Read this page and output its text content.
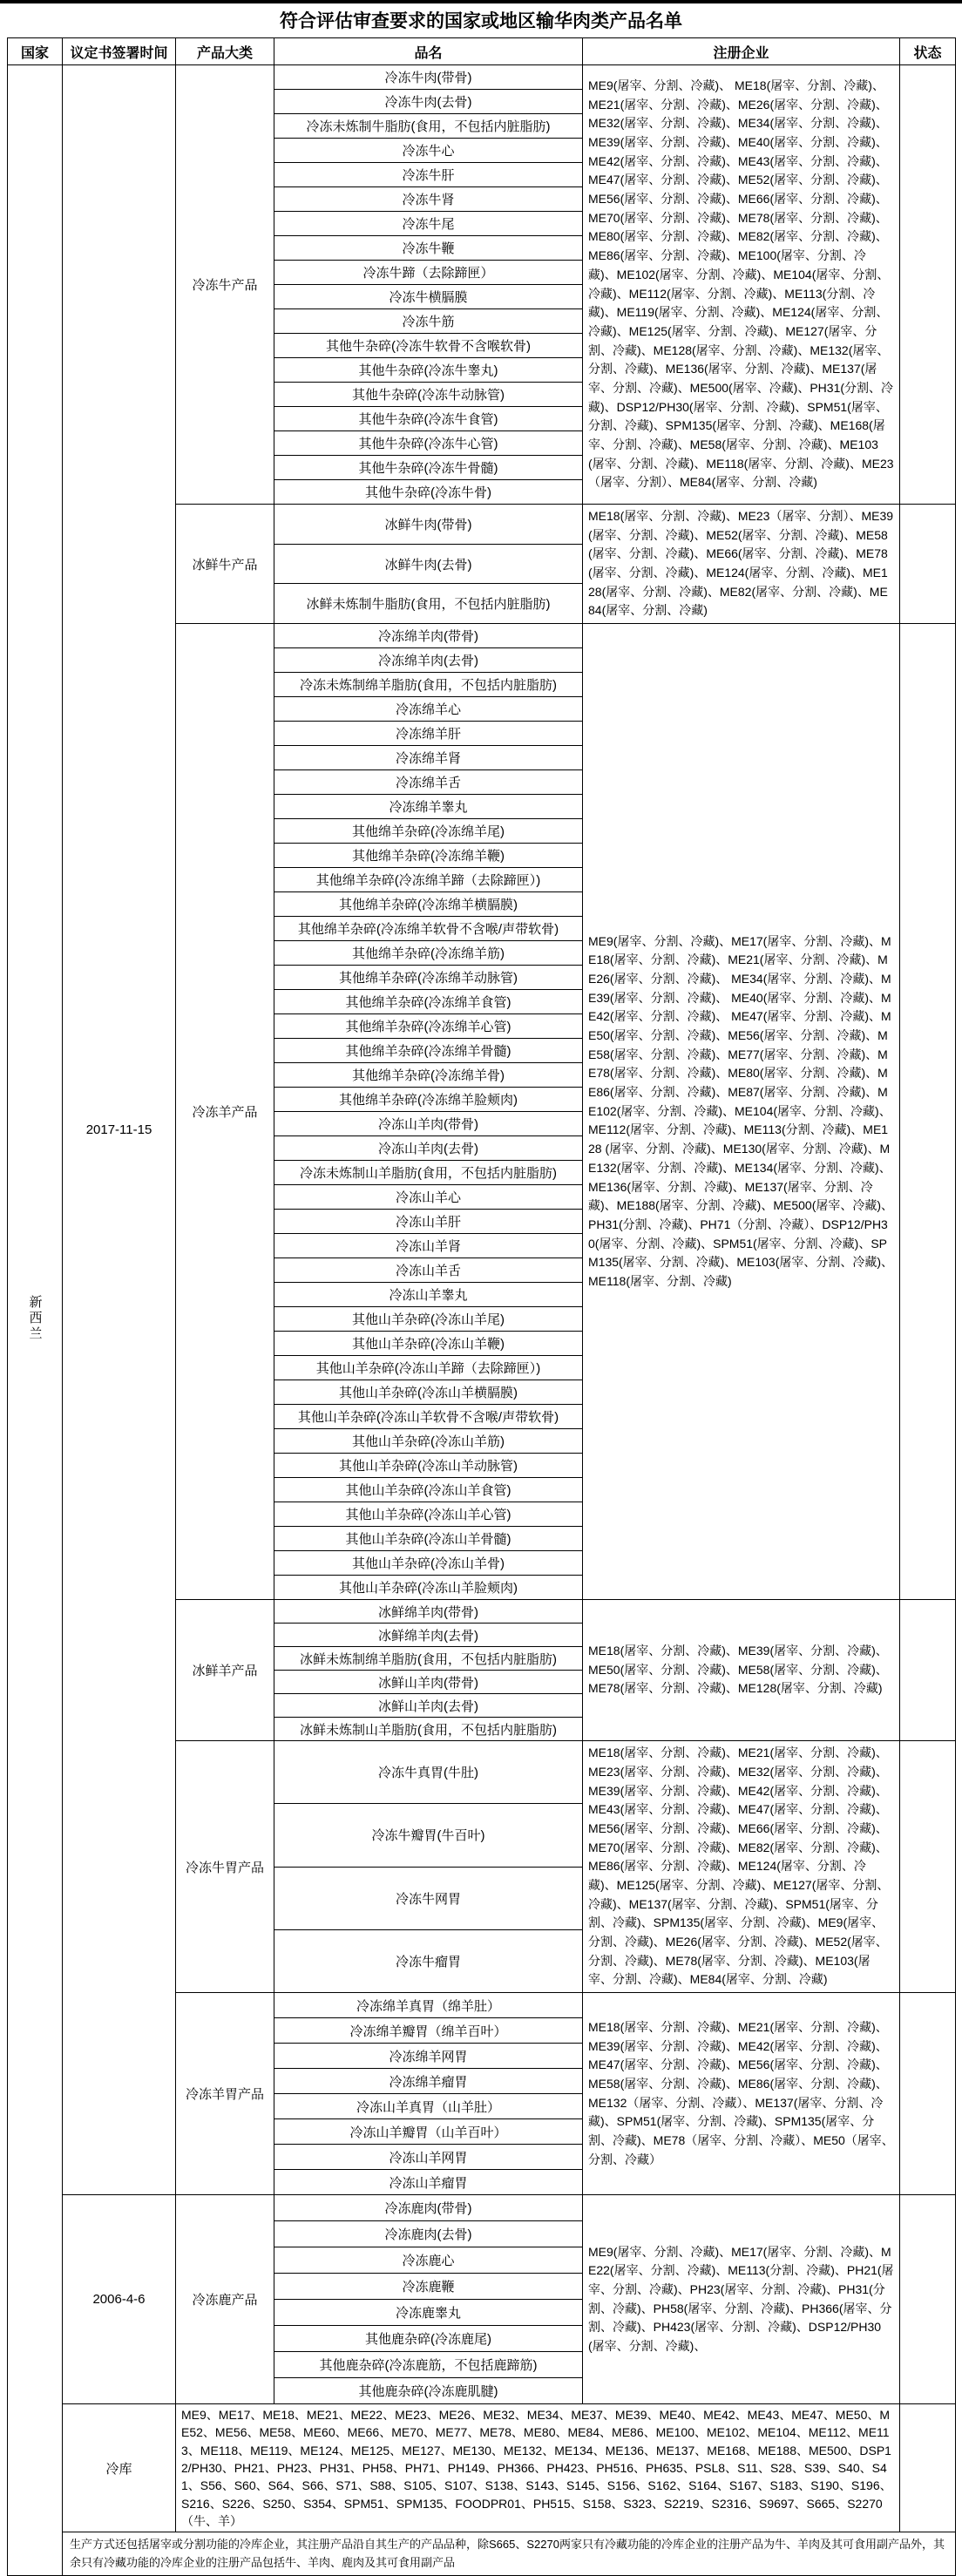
符合评估审查要求的国家或地区输华肉类产品名单
国家	议定书签署时间	产品大类	品名	注册企业	状态
新西兰	2017-11-15	冷冻牛产品	冷冻牛肉(带骨)	ME9(屠宰、分割、冷藏)、 ME18(屠宰、分割、冷藏)、ME21(屠宰、分割、冷藏)、ME26(屠宰、分割、冷藏)、ME32(屠宰、分割、冷藏)、ME34(屠宰、分割、冷藏)、ME39(屠宰、分割、冷藏)、ME40(屠宰、分割、冷藏)、ME42(屠宰、分割、冷藏)、ME43(屠宰、分割、冷藏)、ME47(屠宰、分割、冷藏)、ME52(屠宰、分割、冷藏)、ME56(屠宰、分割、冷藏)、ME66(屠宰、分割、冷藏)、ME70(屠宰、分割、冷藏)、ME78(屠宰、分割、冷藏)、ME80(屠宰、分割、冷藏)、ME82(屠宰、分割、冷藏)、ME86(屠宰、分割、冷藏)、ME100(屠宰、分割、冷藏)、ME102(屠宰、分割、冷藏)、ME104(屠宰、分割、冷藏)、ME112(屠宰、分割、冷藏)、ME113(分割、冷藏)、ME119(屠宰、分割、冷藏)、ME124(屠宰、分割、冷藏)、ME125(屠宰、分割、冷藏)、ME127(屠宰、分割、冷藏)、ME128(屠宰、分割、冷藏)、ME132(屠宰、分割、冷藏)、ME136(屠宰、分割、冷藏)、ME137(屠宰、分割、冷藏)、ME500(屠宰、冷藏)、PH31(分割、冷藏)、DSP12/PH30(屠宰、分割、冷藏)、SPM51(屠宰、分割、冷藏)、SPM135(屠宰、分割、冷藏)、ME168(屠宰、分割、冷藏)、ME58(屠宰、分割、冷藏)、ME103(屠宰、分割、冷藏)、ME118(屠宰、分割、冷藏)、ME23（屠宰、分割）、ME84(屠宰、分割、冷藏)	
			冷冻牛肉(去骨)		
			冷冻未炼制牛脂肪(食用，不包括内脏脂肪)		
			冷冻牛心		
			冷冻牛肝		
			冷冻牛肾		
			冷冻牛尾		
			冷冻牛鞭		
			冷冻牛蹄（去除蹄匣）		
			冷冻牛横膈膜		
			冷冻牛筋		
			其他牛杂碎(冷冻牛软骨不含喉软骨)		
			其他牛杂碎(冷冻牛睾丸)		
			其他牛杂碎(冷冻牛动脉管)		
			其他牛杂碎(冷冻牛食管)		
			其他牛杂碎(冷冻牛心管)		
			其他牛杂碎(冷冻牛骨髓)		
			其他牛杂碎(冷冻牛骨)		
		冰鲜牛产品	冰鲜牛肉(带骨)	ME18(屠宰、分割、冷藏)、ME23（屠宰、分割）、ME39(屠宰、分割、冷藏)、ME52(屠宰、分割、冷藏)、ME58(屠宰、分割、冷藏)、ME66(屠宰、分割、冷藏)、ME78(屠宰、分割、冷藏)、ME124(屠宰、分割、冷藏)、ME128(屠宰、分割、冷藏)、ME82(屠宰、分割、冷藏)、ME84(屠宰、分割、冷藏)	
			冰鲜牛肉(去骨)		
			冰鲜未炼制牛脂肪(食用，不包括内脏脂肪)		
		冷冻羊产品	冷冻绵羊肉(带骨)	ME9(屠宰、分割、冷藏)、ME17(屠宰、分割、冷藏)、ME18(屠宰、分割、冷藏)、ME21(屠宰、分割、冷藏)、ME26(屠宰、分割、冷藏)、 ME34(屠宰、分割、冷藏)、ME39(屠宰、分割、冷藏)、 ME40(屠宰、分割、冷藏)、ME42(屠宰、分割、冷藏)、 ME47(屠宰、分割、冷藏)、ME50(屠宰、分割、冷藏)、ME56(屠宰、分割、冷藏)、ME58(屠宰、分割、冷藏)、ME77(屠宰、分割、冷藏)、ME78(屠宰、分割、冷藏)、ME80(屠宰、分割、冷藏)、ME86(屠宰、分割、冷藏)、ME87(屠宰、分割、冷藏)、ME102(屠宰、分割、冷藏)、ME104(屠宰、分割、冷藏)、ME112(屠宰、分割、冷藏)、ME113(分割、冷藏)、ME128 (屠宰、分割、冷藏)、ME130(屠宰、分割、冷藏)、ME132(屠宰、分割、冷藏)、ME134(屠宰、分割、冷藏)、ME136(屠宰、分割、冷藏)、ME137(屠宰、分割、冷藏)、ME188(屠宰、分割、冷藏)、ME500(屠宰、冷藏)、PH31(分割、冷藏)、PH71（分割、冷藏）、DSP12/PH30(屠宰、分割、冷藏)、SPM51(屠宰、分割、冷藏)、SPM135(屠宰、分割、冷藏)、ME103(屠宰、分割、冷藏)、ME118(屠宰、分割、冷藏)	
			冷冻绵羊肉(去骨)		
			冷冻未炼制绵羊脂肪(食用，不包括内脏脂肪)		
			冷冻绵羊心		
			冷冻绵羊肝		
			冷冻绵羊肾		
			冷冻绵羊舌		
			冷冻绵羊睾丸		
			其他绵羊杂碎(冷冻绵羊尾)		
			其他绵羊杂碎(冷冻绵羊鞭)		
			其他绵羊杂碎(冷冻绵羊蹄（去除蹄匣）)		
			其他绵羊杂碎(冷冻绵羊横膈膜)		
			其他绵羊杂碎(冷冻绵羊软骨不含喉/声带软骨)		
			其他绵羊杂碎(冷冻绵羊筋)		
			其他绵羊杂碎(冷冻绵羊动脉管)		
			其他绵羊杂碎(冷冻绵羊食管)		
			其他绵羊杂碎(冷冻绵羊心管)		
			其他绵羊杂碎(冷冻绵羊骨髓)		
			其他绵羊杂碎(冷冻绵羊骨)		
			其他绵羊杂碎(冷冻绵羊脸颊肉)		
			冷冻山羊肉(带骨)		
			冷冻山羊肉(去骨)		
			冷冻未炼制山羊脂肪(食用，不包括内脏脂肪)		
			冷冻山羊心		
			冷冻山羊肝		
			冷冻山羊肾		
			冷冻山羊舌		
			冷冻山羊睾丸		
			其他山羊杂碎(冷冻山羊尾)		
			其他山羊杂碎(冷冻山羊鞭)		
			其他山羊杂碎(冷冻山羊蹄（去除蹄匣）)		
			其他山羊杂碎(冷冻山羊横膈膜)		
			其他山羊杂碎(冷冻山羊软骨不含喉/声带软骨)		
			其他山羊杂碎(冷冻山羊筋)		
			其他山羊杂碎(冷冻山羊动脉管)		
			其他山羊杂碎(冷冻山羊食管)		
			其他山羊杂碎(冷冻山羊心管)		
			其他山羊杂碎(冷冻山羊骨髓)		
			其他山羊杂碎(冷冻山羊骨)		
			其他山羊杂碎(冷冻山羊脸颊肉)		
		冰鲜羊产品	冰鲜绵羊肉(带骨)	ME18(屠宰、分割、冷藏)、ME39(屠宰、分割、冷藏)、ME50(屠宰、分割、冷藏)、ME58(屠宰、分割、冷藏)、ME78(屠宰、分割、冷藏)、ME128(屠宰、分割、冷藏)	
			冰鲜绵羊肉(去骨)		
			冰鲜未炼制绵羊脂肪(食用，不包括内脏脂肪)		
			冰鲜山羊肉(带骨)		
			冰鲜山羊肉(去骨)		
			冰鲜未炼制山羊脂肪(食用，不包括内脏脂肪)		
		冷冻牛胃产品	冷冻牛真胃(牛肚)	ME18(屠宰、分割、冷藏)、ME21(屠宰、分割、冷藏)、ME23(屠宰、分割、冷藏)、ME32(屠宰、分割、冷藏)、ME39(屠宰、分割、冷藏)、ME42(屠宰、分割、冷藏)、ME43(屠宰、分割、冷藏)、ME47(屠宰、分割、冷藏)、ME56(屠宰、分割、冷藏)、ME66(屠宰、分割、冷藏)、ME70(屠宰、分割、冷藏)、ME82(屠宰、分割、冷藏)、ME86(屠宰、分割、冷藏)、ME124(屠宰、分割、冷藏)、ME125(屠宰、分割、冷藏)、ME127(屠宰、分割、冷藏)、ME137(屠宰、分割、冷藏)、SPM51(屠宰、分割、冷藏)、SPM135(屠宰、分割、冷藏)、ME9(屠宰、分割、冷藏)、ME26(屠宰、分割、冷藏)、ME52(屠宰、分割、冷藏)、ME78(屠宰、分割、冷藏)、ME103(屠宰、分割、冷藏)、ME84(屠宰、分割、冷藏)	
			冷冻牛瓣胃(牛百叶)		
			冷冻牛网胃		
			冷冻牛瘤胃		
		冷冻羊胃产品	冷冻绵羊真胃（绵羊肚）	ME18(屠宰、分割、冷藏)、ME21(屠宰、分割、冷藏)、ME39(屠宰、分割、冷藏)、ME42(屠宰、分割、冷藏)、ME47(屠宰、分割、冷藏)、ME56(屠宰、分割、冷藏)、ME58(屠宰、分割、冷藏)、ME86(屠宰、分割、冷藏)、ME132（屠宰、分割、冷藏）、ME137(屠宰、分割、冷藏)、SPM51(屠宰、分割、冷藏)、SPM135(屠宰、分割、冷藏)、ME78（屠宰、分割、冷藏）、ME50（屠宰、分割、冷藏）	
			冷冻绵羊瓣胃（绵羊百叶）		
			冷冻绵羊网胃		
			冷冻绵羊瘤胃		
			冷冻山羊真胃（山羊肚）		
			冷冻山羊瓣胃（山羊百叶）		
			冷冻山羊网胃		
			冷冻山羊瘤胃		
	2006-4-6	冷冻鹿产品	冷冻鹿肉(带骨)	ME9(屠宰、分割、冷藏)、ME17(屠宰、分割、冷藏)、ME22(屠宰、分割、冷藏)、ME113(分割、冷藏)、PH21(屠宰、分割、冷藏)、PH23(屠宰、分割、冷藏)、PH31(分割、冷藏)、PH58(屠宰、分割、冷藏)、PH366(屠宰、分割、冷藏)、PH423(屠宰、分割、冷藏)、DSP12/PH30(屠宰、分割、冷藏)、	
			冷冻鹿肉(去骨)		
			冷冻鹿心		
			冷冻鹿鞭		
			冷冻鹿睾丸		
			其他鹿杂碎(冷冻鹿尾)		
			其他鹿杂碎(冷冻鹿筋，不包括鹿蹄筋)		
			其他鹿杂碎(冷冻鹿肌腱)		
	冷库	ME9、ME17、ME18、ME21、ME22、ME23、ME26、ME32、ME34、ME37、ME39、ME40、ME42、ME43、ME47、ME50、ME52、ME56、ME58、ME60、ME66、ME70、ME77、ME78、ME80、ME84、ME86、ME100、ME102、ME104、ME112、ME113、ME118、ME119、ME124、ME125、ME127、ME130、ME132、ME134、ME136、ME137、ME168、ME188、ME500、DSP12/PH30、PH21、PH23、PH31、PH58、PH71、PH149、PH366、PH423、PH516、PH635、PSL8、S11、S28、S39、S40、S41、S56、S60、S64、S66、S71、S88、S105、S107、S138、S143、S145、S156、S162、S164、S167、S183、S190、S196、S216、S226、S250、S354、SPM51、SPM135、FOODPR01、PH515、S158、S323、S2219、S2316、S9697、S665、S2270（牛、羊）			
	生产方式还包括屠宰或分割功能的冷库企业，其注册产品沿自其生产的产品品种，除S665、S2270两家只有冷藏功能的冷库企业的注册产品为牛、羊肉及其可食用副产品外，其余只有冷藏功能的冷库企业的注册产品包括牛、羊肉、鹿肉及其可食用副产品				
